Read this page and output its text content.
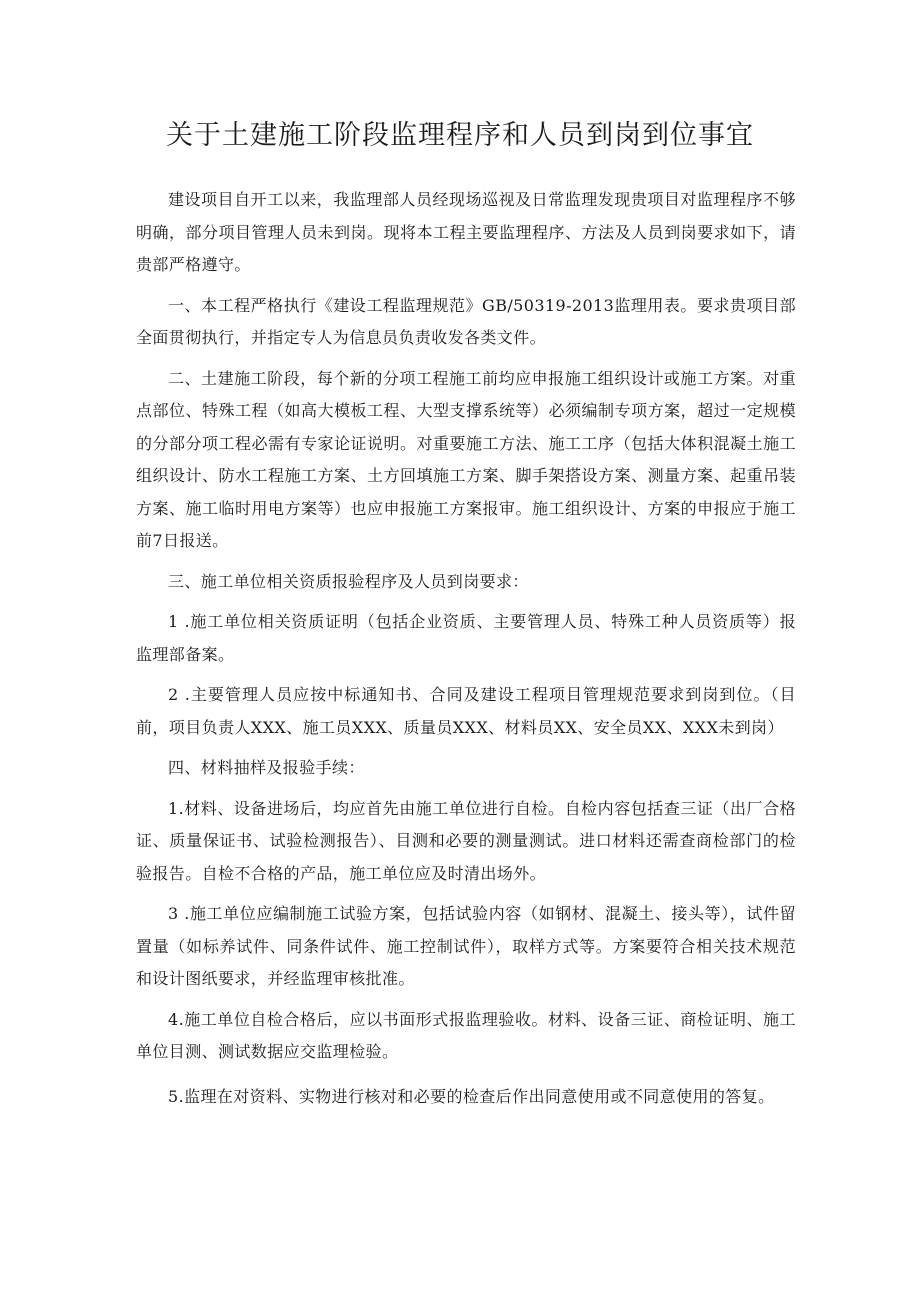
关于土建施工阶段监理程序和人员到岗到位事宜

建设项目自开工以来，我监理部人员经现场巡视及日常监理发现贵项目对监理程序不够明确，部分项目管理人员未到岗。现将本工程主要监理程序、方法及人员到岗要求如下，请贵部严格遵守。

一、本工程严格执行《建设工程监理规范》GB/50319-2013监理用表。要求贵项目部全面贯彻执行，并指定专人为信息员负责收发各类文件。

二、土建施工阶段，每个新的分项工程施工前均应申报施工组织设计或施工方案。对重点部位、特殊工程（如高大模板工程、大型支撑系统等）必须编制专项方案，超过一定规模的分部分项工程必需有专家论证说明。对重要施工方法、施工工序（包括大体积混凝土施工组织设计、防水工程施工方案、土方回填施工方案、脚手架搭设方案、测量方案、起重吊装方案、施工临时用电方案等）也应申报施工方案报审。施工组织设计、方案的申报应于施工前7日报送。

三、施工单位相关资质报验程序及人员到岗要求：

1 .施工单位相关资质证明（包括企业资质、主要管理人员、特殊工种人员资质等）报监理部备案。

2 .主要管理人员应按中标通知书、合同及建设工程项目管理规范要求到岗到位。（目前，项目负责人XXX、施工员XXX、质量员XXX、材料员XX、安全员XX、XXX未到岗）

四、材料抽样及报验手续：

1.材料、设备进场后，均应首先由施工单位进行自检。自检内容包括查三证（出厂合格证、质量保证书、试验检测报告）、目测和必要的测量测试。进口材料还需查商检部门的检验报告。自检不合格的产品，施工单位应及时清出场外。

3 .施工单位应编制施工试验方案，包括试验内容（如钢材、混凝土、接头等），试件留置量（如标养试件、同条件试件、施工控制试件），取样方式等。方案要符合相关技术规范和设计图纸要求，并经监理审核批准。

4.施工单位自检合格后，应以书面形式报监理验收。材料、设备三证、商检证明、施工单位目测、测试数据应交监理检验。

5.监理在对资料、实物进行核对和必要的检查后作出同意使用或不同意使用的答复。
